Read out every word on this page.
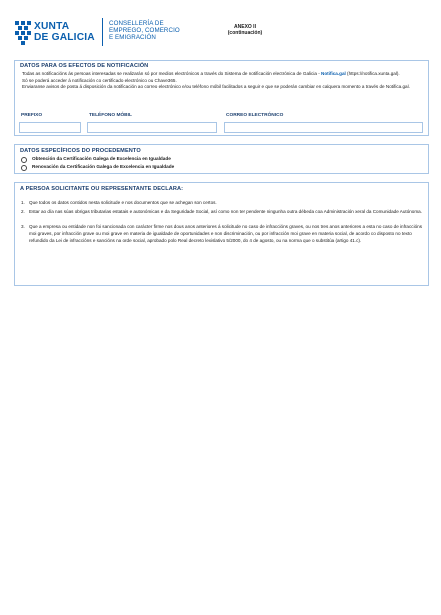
XUNTA
DE GALICIA
CONSELLERÍA DE
EMPREGO, COMERCIO
E EMIGRACIÓN
ANEXO II
(continuación)
DATOS PARA OS EFECTOS DE NOTIFICACIÓN
Todas as notificacións ás persoas interesadas se realizarán só por medios electrónicos a través do Sistema de notificación electrónica de Galicia - Notifica.gal (https://notifica.xunta.gal).
Só se poderá acceder á notificación co certificado electrónico ou Chave365.
Enviaranse avisos de posta á disposición da notificación ao correo electrónico e/ou teléfono móbil facilitados a seguir e que se poderán cambiar en calquera momento a través de Notifica.gal.
PREFIXO	TELÉFONO MÓBIL	CORREO ELECTRÓNICO
DATOS ESPECÍFICOS DO PROCEDEMENTO
Obtención da Certificación Galega de Excelencia en Igualdade
Renovación da Certificación Galega de Excelencia en Igualdade
A PERSOA SOLICITANTE OU REPRESENTANTE DECLARA:
1. Que todos os datos contidos nesta solicitude e nos documentos que se achegan son certos.
2. Estar ao día nas súas obrigas tributarias estatais e autonómicas e da Seguridade Social, así como non ter pendente ningunha outra débeda coa Administración xeral da Comunidade Autónoma.
3. Que a empresa ou entidade non foi sancionada con carácter firme nos dous anos anteriores á solicitude no caso de infraccións graves, ou nos tres anos anteriores a esta no caso de infraccións moi graves, por infracción grave ou moi grave en materia de igualdade de oportunidades e non discriminación, ou por infracción moi grave en materia social, de acordo co disposto no texto refundido da Lei de infraccións e sancións na orde social, aprobado polo Real decreto lexislativo 5/2000, do 4 de agosto, ou na norma que o substitúa (artigo 41.c).
